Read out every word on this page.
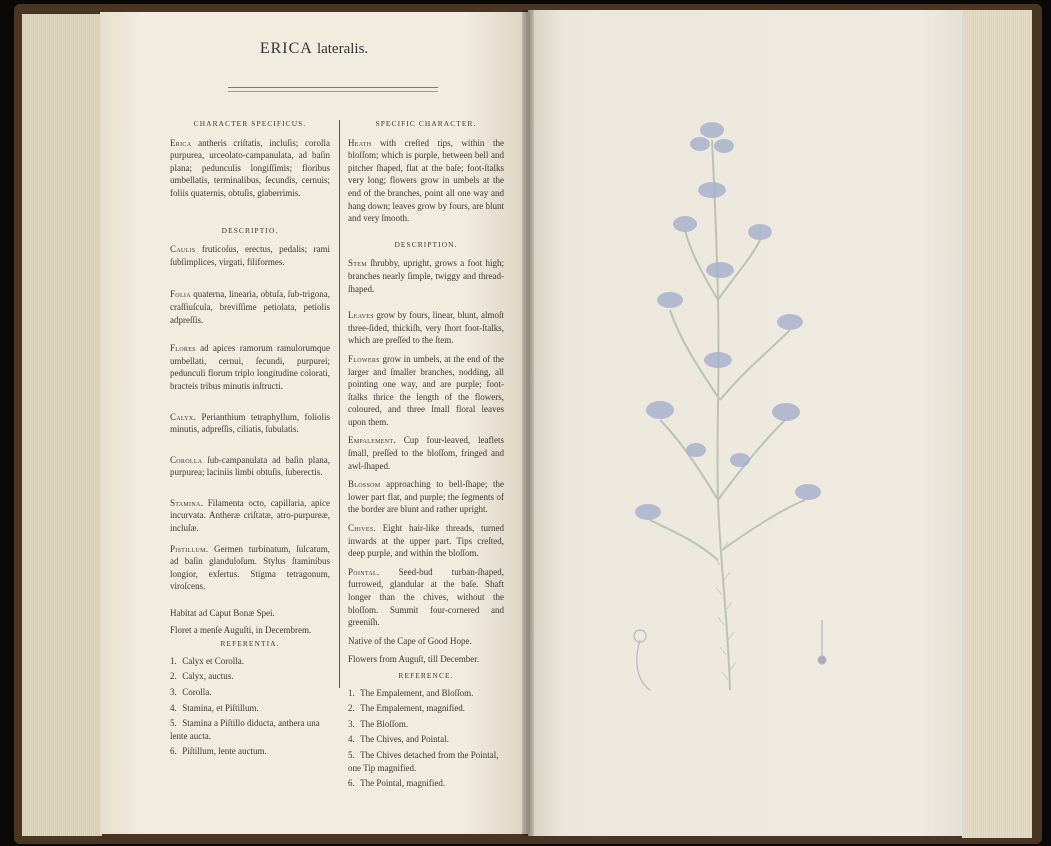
ERICA lateralis.

CHARACTER SPECIFICUS.

Erica antheris criſtatis, incluſis; corolla purpurea, urceolato-campanulata, ad baſin plana; pedunculis longiſſimis; floribus umbellatis, terminalibus, ſecundis, cernuis; foliis quaternis, obtuſis, glaberrimis.

DESCRIPTIO.

Caulis fruticoſus, erectus, pedalis; rami ſubſimplices, virgati, filiformes.

Folia quaterna, linearia, obtuſa, ſub-trigona, craſſiuſcula, breviſſime petiolata, petiolis adpreſſis.

Flores ad apices ramorum ramulorumque umbellati, cernui, ſecundi, purpurei; pedunculi florum triplo longitudine colorati, bracteis tribus minutis inſtructi.

Calyx. Perianthium tetraphyllum, foliolis minutis, adpreſſis, ciliatis, ſubulatis.

Corolla ſub-campanulata ad baſin plana, purpurea; laciniis limbi obtuſis, ſuberectis.

Stamina. Filamenta octo, capillaria, apice incurvata. Antheræ criſtatæ, atro-purpureæ, incluſæ.

Pistillum. Germen turbinatum, ſulcatum, ad baſin glanduloſum. Stylus ſtaminibus longior, exſertus. Stigma tetragonum, viroſcens.

Habitat ad Caput Bonæ Spei.

Floret a menſe Auguſti, in Decembrem.

REFERENTIA.

1. Calyx et Corolla.

2. Calyx, auctus.

3. Corolla.

4. Stamina, et Piſtillum.

5. Stamina a Piſtillo diducta, anthera una lente aucta.

6. Piſtillum, lente auctum.

SPECIFIC CHARACTER.

Heath with creſted tips, within the bloſſom; which is purple, between bell and pitcher ſhaped, flat at the baſe; foot-ſtalks very long; flowers grow in umbels at the end of the branches, point all one way and hang down; leaves grow by fours, are blunt and very ſmooth.

DESCRIPTION.

Stem ſhrubby, upright, grows a foot high; branches nearly ſimple, twiggy and thread-ſhaped.

Leaves grow by fours, linear, blunt, almoſt three-ſided, thickiſh, very ſhort foot-ſtalks, which are preſſed to the ſtem.

Flowers grow in umbels, at the end of the larger and ſmaller branches, nodding, all pointing one way, and are purple; foot-ſtalks thrice the length of the flowers, coloured, and three ſmall floral leaves upon them.

Empalement. Cup four-leaved, leaflets ſmall, preſſed to the bloſſom, fringed and awl-ſhaped.

Blossom approaching to bell-ſhape; the lower part flat, and purple; the ſegments of the border are blunt and rather upright.

Chives. Eight hair-like threads, turned inwards at the upper part. Tips creſted, deep purple, and within the bloſſom.

Pointal. Seed-bud turban-ſhaped, furrowed, glandular at the baſe. Shaft longer than the chives, without the bloſſom. Summit four-cornered and greeniſh.

Native of the Cape of Good Hope.

Flowers from Auguſt, till December.

REFERENCE.

1. The Empalement, and Bloſſom.

2. The Empalement, magnified.

3. The Bloſſom.

4. The Chives, and Pointal.

5. The Chives detached from the Pointal, one Tip magnified.

6. The Pointal, magnified.
